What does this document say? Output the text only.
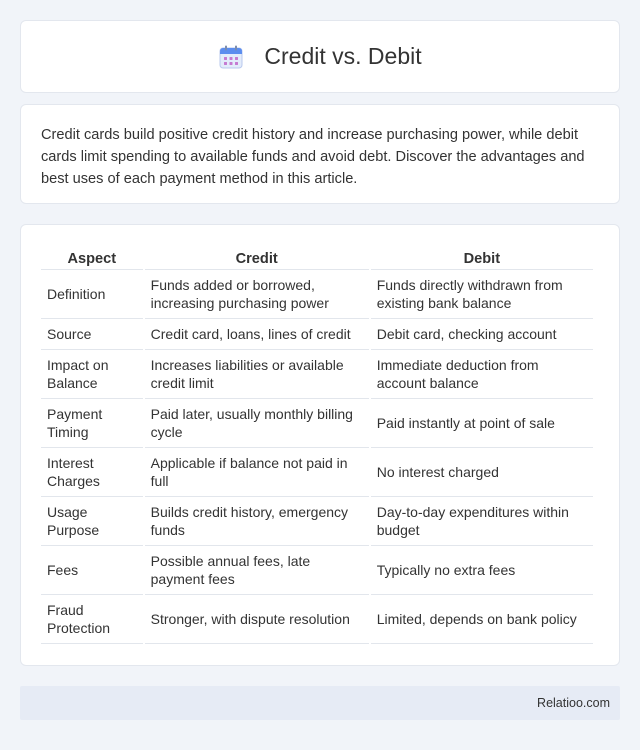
Credit vs. Debit

Credit cards build positive credit history and increase purchasing power, while debit cards limit spending to available funds and avoid debt. Discover the advantages and best uses of each payment method in this article.

Aspect	Credit	Debit
Definition	Funds added or borrowed, increasing purchasing power	Funds directly withdrawn from existing bank balance
Source	Credit card, loans, lines of credit	Debit card, checking account
Impact on Balance	Increases liabilities or available credit limit	Immediate deduction from account balance
Payment Timing	Paid later, usually monthly billing cycle	Paid instantly at point of sale
Interest Charges	Applicable if balance not paid in full	No interest charged
Usage Purpose	Builds credit history, emergency funds	Day-to-day expenditures within budget
Fees	Possible annual fees, late payment fees	Typically no extra fees
Fraud Protection	Stronger, with dispute resolution	Limited, depends on bank policy
Relatioo.com
